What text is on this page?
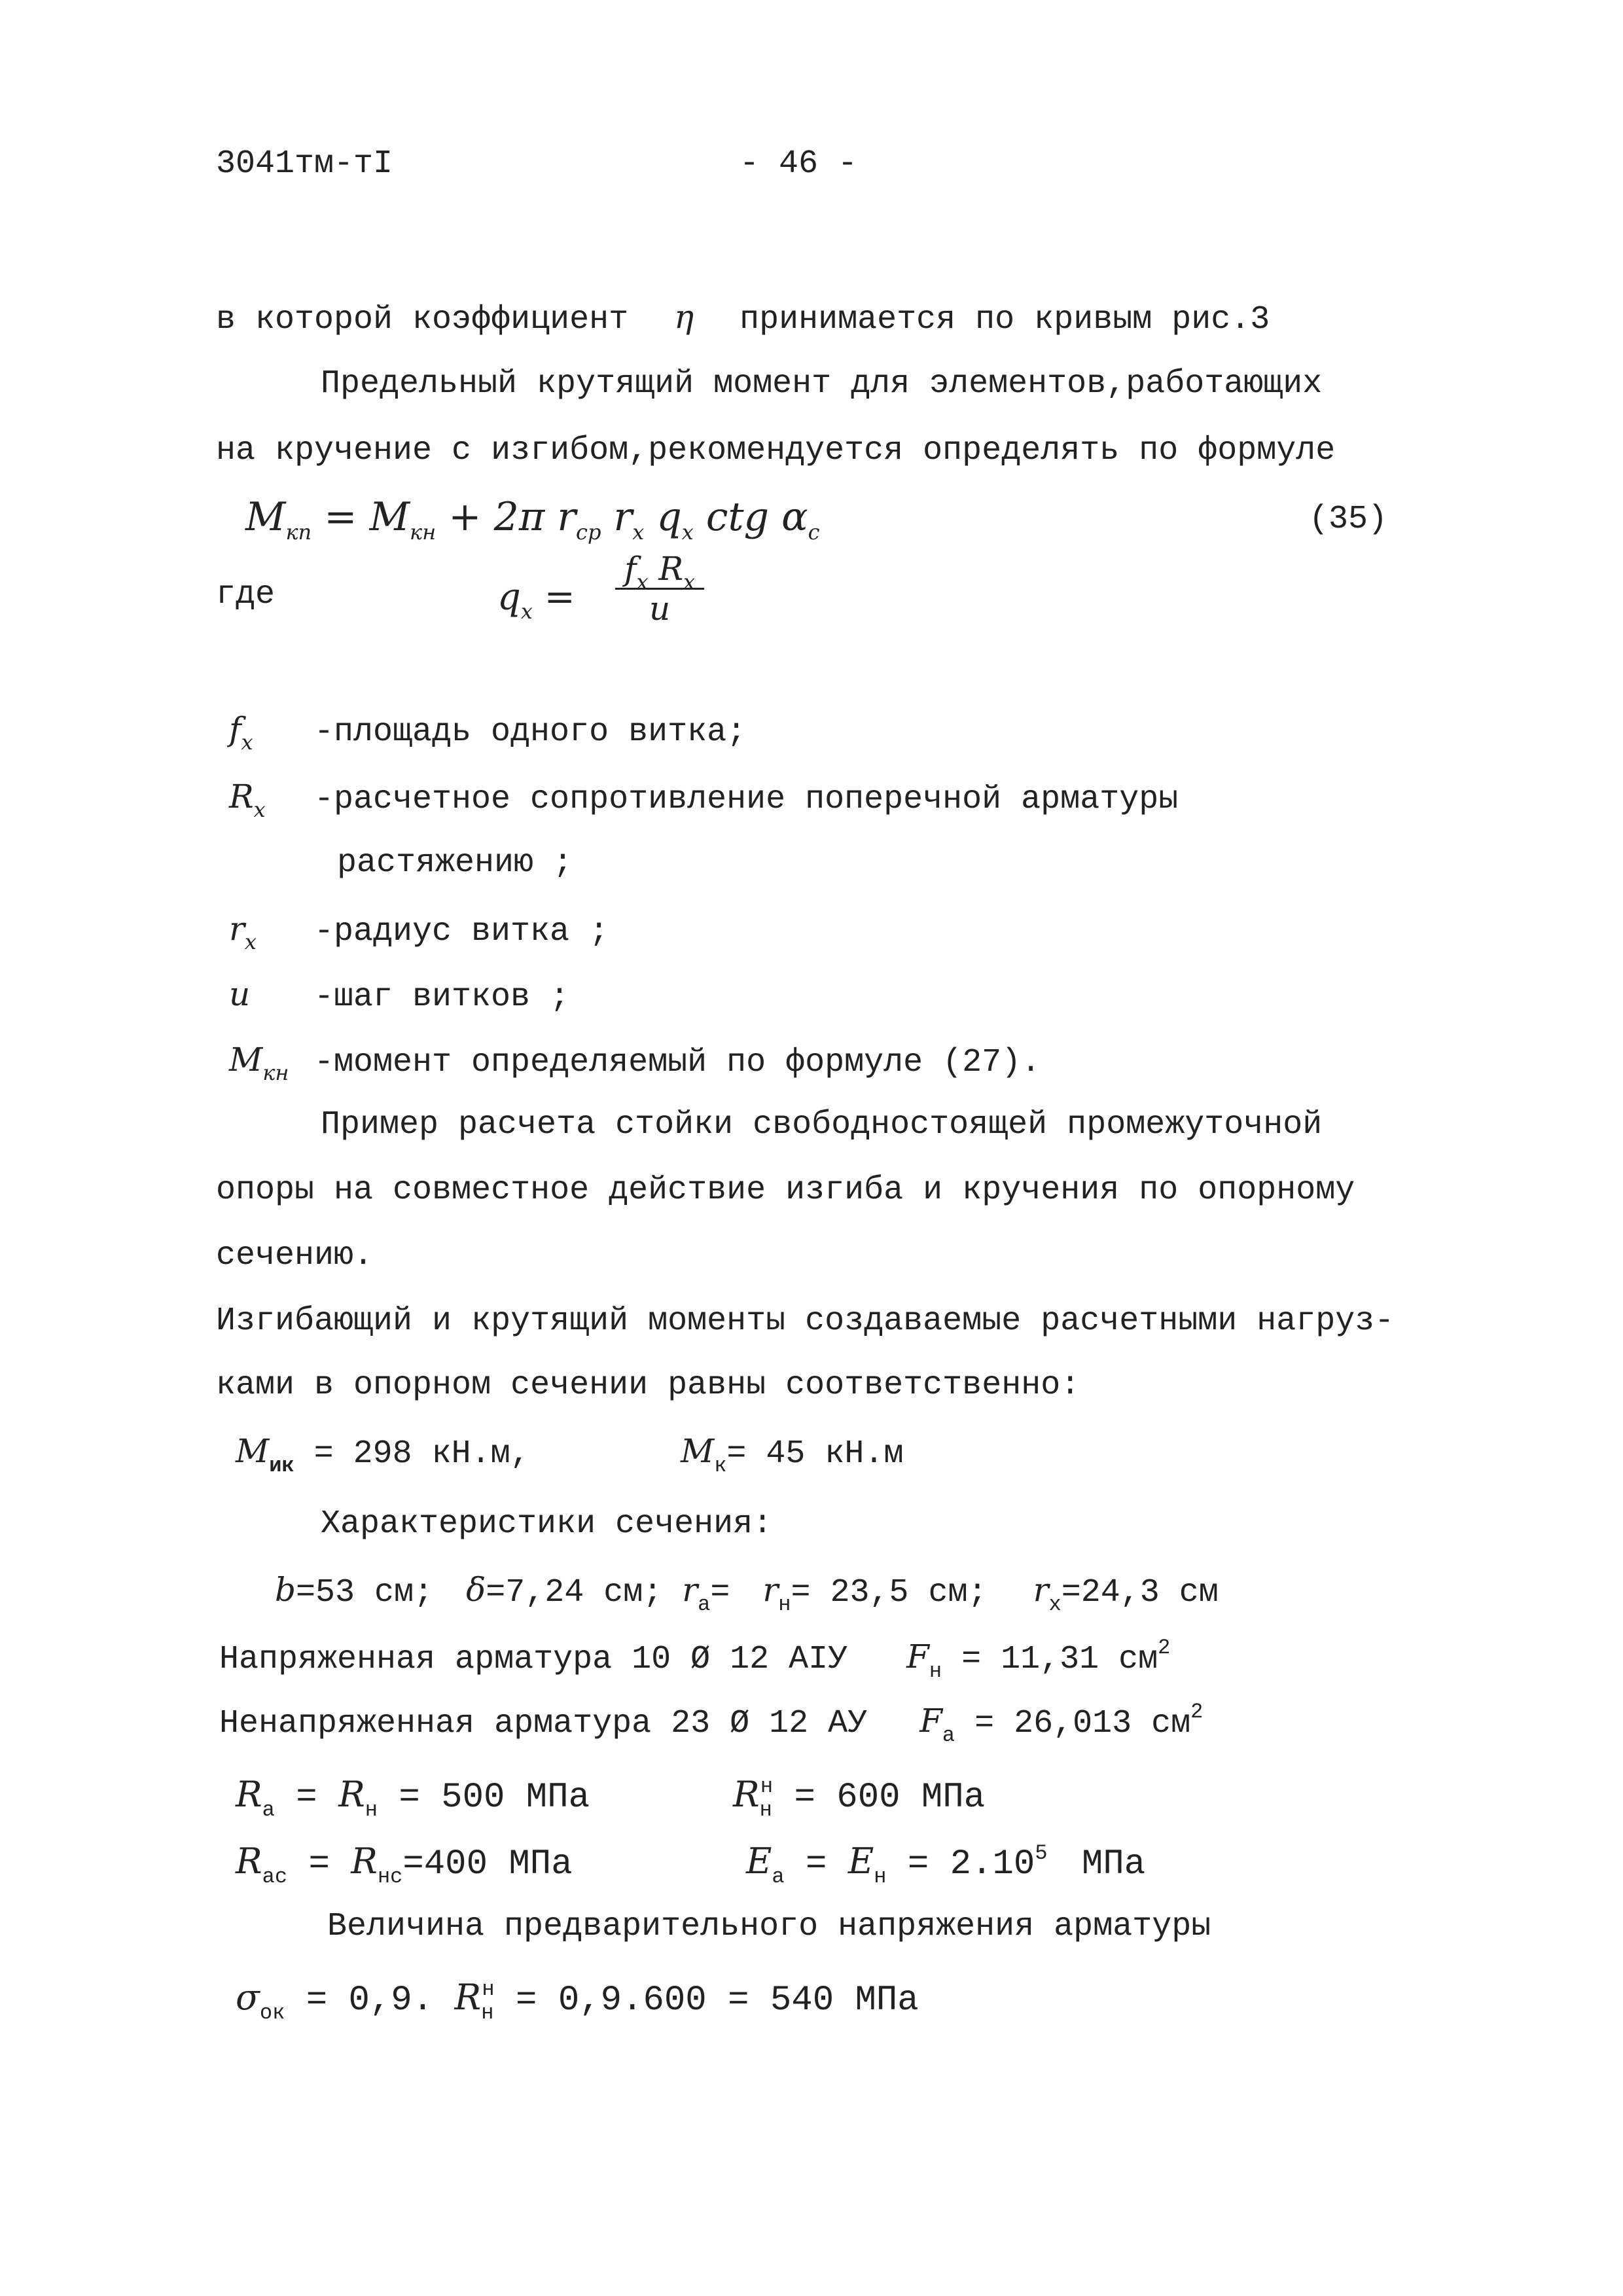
3041тм-тI	- 46 -
в которой коэффициент η принимается по кривым рис.3
Предельный крутящий момент для элементов,работающих
на кручение с изгибом,рекомендуется определять по формуле
$M_{кп} = M_{кн} + 2\pi$ $r_{ср}$ $r_x$ $q_x$ ctg $\alpha_c$	(35)
где	$q_x$ =
$f_x$ $R_x$
u
$f_x$ -площадь одного витка;
$R_x$ -расчетное сопротивление поперечной арматуры
растяжению ;
$r_x$ -радиус витка ;
u -шаг витков ;
$M_{кн}$ -момент определяемый по формуле (27).
Пример расчета стойки свободностоящей промежуточной
опоры на совместное действие изгиба и кручения по опорному
сечению.
Изгибающий и крутящий моменты создаваемые расчетными нагруз-
ками в опорном сечении равны соответственно:
$M_{ик} = 298$ кН.м,	$M_к= 45$ кН.м
Характеристики сечения:
b=53 см; δ=7,24 см; $r_a= r_н= 23,5$ см; $r_x=24,3$ см
Напряженная арматура 10 Ø 12 АIУ $F_н = 11,31$ $см^2$
Ненапряженная арматура 23 Ø 12 АУ $F_a = 26,013$ $см^2$
$R_a = R_н = 500$ МПа	$R_н^н = 600$ МПа
$R_{ас} = R_{нс}=400$ МПа	$E_a = E_н = 2.10^5$ МПа
Величина предварительного напряжения арматуры
$\sigma_{ок} = 0,9$. $R_н^н = 0,9.600 = 540$ МПа
